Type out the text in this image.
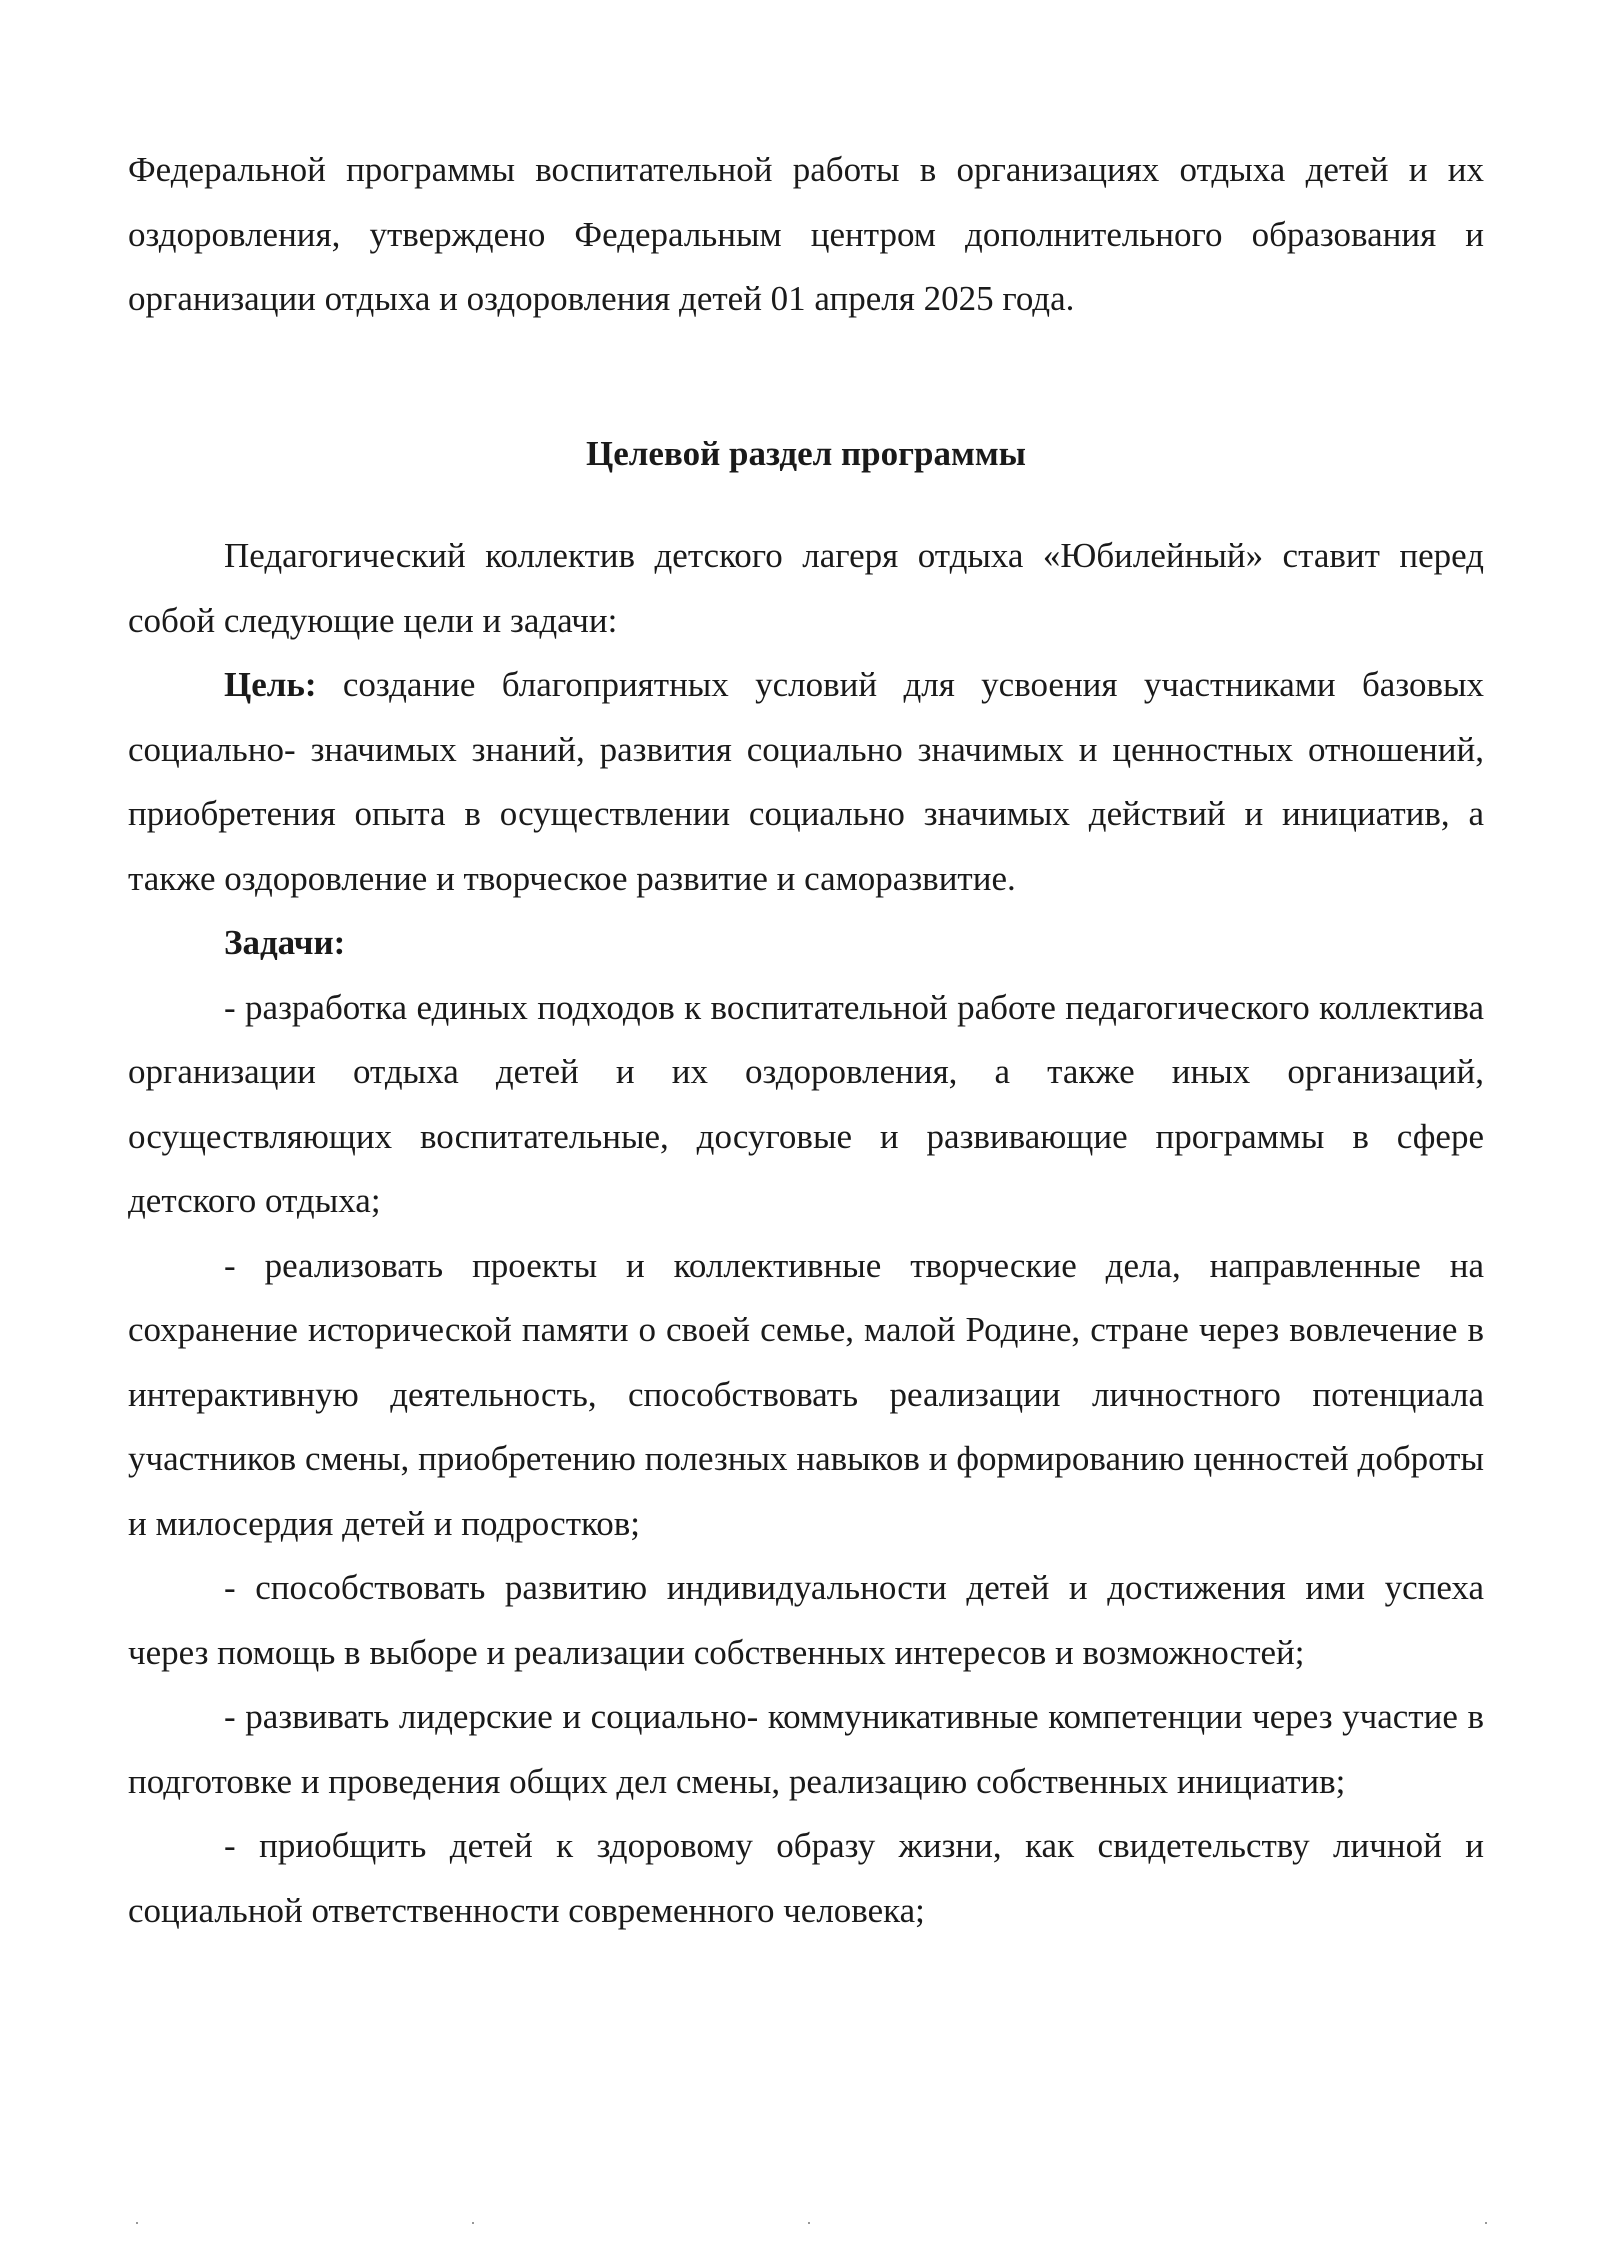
Федеральной программы воспитательной работы в организациях отдыха детей и их оздоровления, утверждено Федеральным центром дополнительного образования и организации отдыха и оздоровления детей 01 апреля 2025 года.

Целевой раздел программы

Педагогический коллектив детского лагеря отдыха «Юбилейный» ставит перед собой следующие цели и задачи:

Цель: создание благоприятных условий для усвоения участниками базовых социально- значимых знаний, развития социально значимых и ценностных отношений, приобретения опыта в осуществлении социально значимых действий и инициатив, а также оздоровление и творческое развитие и саморазвитие.

Задачи:

- разработка единых подходов к воспитательной работе педагогического коллектива организации отдыха детей и их оздоровления, а также иных организаций, осуществляющих воспитательные, досуговые и развивающие программы в сфере детского отдыха;

- реализовать проекты и коллективные творческие дела, направленные на сохранение исторической памяти о своей семье, малой Родине, стране через вовлечение в интерактивную деятельность, способствовать реализации личностного потенциала участников смены, приобретению полезных навыков и формированию ценностей доброты и милосердия детей и подростков;

- способствовать развитию индивидуальности детей и достижения ими успеха через помощь в выборе и реализации собственных интересов и возможностей;

- развивать лидерские и социально- коммуникативные компетенции через участие в подготовке и проведения общих дел смены, реализацию собственных инициатив;

- приобщить детей к здоровому образу жизни, как свидетельству личной и социальной ответственности современного человека;
